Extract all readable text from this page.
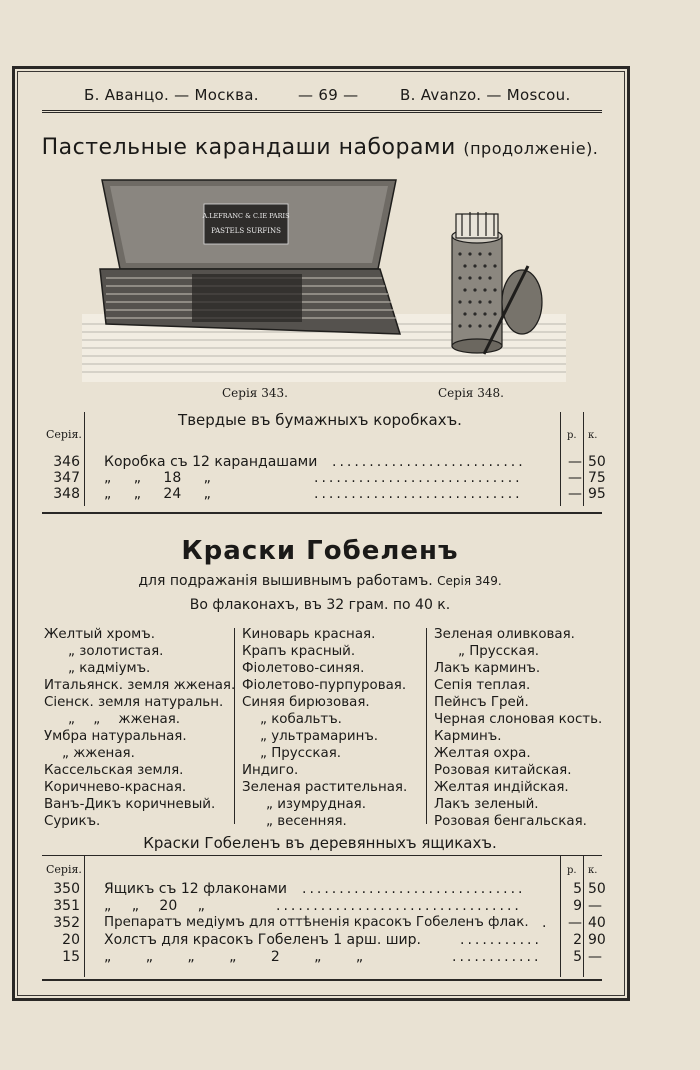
Б. Аванцо. — Москва.	— 69 —	B. Avanzo. — Moscou.
Пастельные карандаши наборами (продолженіе).
A.LEFRANC & C.IE PARIS
PASTELS SURFINS
Серія 343.	Серія 348.
Твердые въ бумажныхъ коробкахъ.
Серія.	р. к.
346 Коробка съ 12 карандашами ..........................	— 50
347 „ „ 18 „	............................	— 75
348 „ „ 24 „	............................	— 95
Краски Гобеленъ
для подражанія вышивнымъ работамъ. Серія 349.
Во флаконахъ, въ 32 грам. по 40 к.
Желтый хромъ.
„ золотистая.
„ кадміумъ.
Итальянск. земля жженая.
Сіенск. земля натуральн.
„ „ жженая.
Умбра натуральная.
„ жженая.
Кассельская земля.
Коричнево-красная.
Ванъ-Дикъ коричневый.
Сурикъ.
Киноварь красная.
Крапъ красный.
Фіолетово-синяя.
Фіолетово-пурпуровая.
Синяя бирюзовая.
„ кобальтъ.
„ ультрамаринъ.
„ Прусская.
Индиго.
Зеленая растительная.
„ изумрудная.
„ весенняя.
Зеленая оливковая.
„ Прусская.
Лакъ карминъ.
Сепія теплая.
Пейнсъ Грей.
Черная слоновая кость.
Карминъ.
Желтая охра.
Розовая китайская.
Желтая индійская.
Лакъ зеленый.
Розовая бенгальская.
Краски Гобеленъ въ деревянныхъ ящикахъ.
Серія.	р. к.
350 Ящикъ съ 12 флаконами ..............................	5 50
351 „ „ 20 „	.................................	9 —
352 Препаратъ медіумъ для оттѣненія красокъ Гобеленъ флак. .	— 40
20 Холстъ для красокъ Гобеленъ 1 арш. шир.	...........	2 90
15 „ „ „ „ 2 „ „	............	5 —
